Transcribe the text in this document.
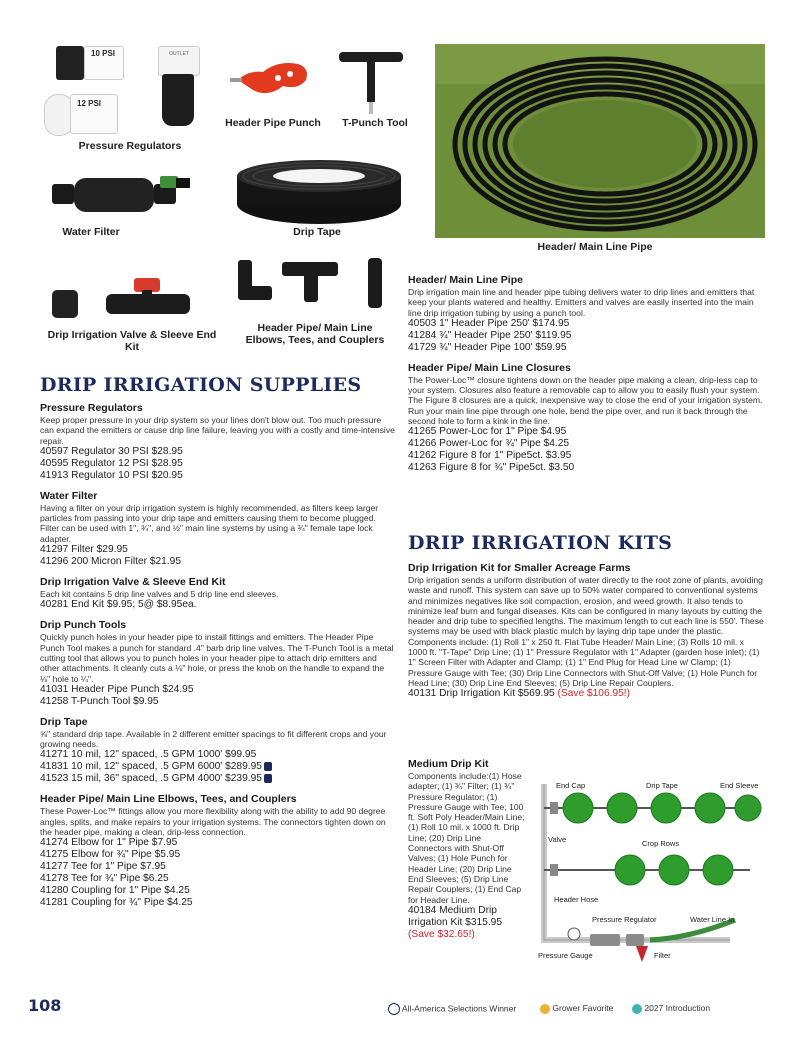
10 PSI	OUTLET
12 PSI
Pressure Regulators
Header Pipe Punch	T-Punch Tool
Header/ Main Line Pipe
Water Filter	Drip Tape
Drip Irrigation Valve & Sleeve End Kit
Header Pipe/ Main Line
Elbows, Tees, and Couplers
DRIP IRRIGATION SUPPLIES
Pressure Regulators

Keep proper pressure in your drip system so your lines don't blow out. Too much pressure can expand the emitters or cause drip line failure, leaving you with a costly and time-intensive repair.

40597 Regulator 30 PSI $28.95

40595 Regulator 12 PSI $28.95

41913 Regulator 10 PSI $20.95

Water Filter

Having a filter on your drip irrigation system is highly recommended, as filters keep larger particles from passing into your drip tape and emitters causing them to become plugged. Filter can be used with 1", ¾", and ½" main line systems by using a ¾" female tape lock adapter.

41297 Filter $29.95

41296 200 Micron Filter $21.95

Drip Irrigation Valve & Sleeve End Kit

Each kit contains 5 drip line valves and 5 drip line end sleeves.

40281 End Kit $9.95; 5@ $8.95ea.

Drip Punch Tools

Quickly punch holes in your header pipe to install fittings and emitters. The Header Pipe Punch Tool makes a punch for standard .4" barb drip line valves. The T-Punch Tool is a metal cutting tool that allows you to punch holes in your header pipe to attach drip emitters and other attachments. It cleanly cuts a ⅛" hole, or press the knob on the handle to expand the ⅛" hole to ¼".

41031 Header Pipe Punch $24.95

41258 T-Punch Tool $9.95

Drip Tape

⅝" standard drip tape. Available in 2 different emitter spacings to fit different crops and your growing needs.

41271 10 mil, 12" spaced, .5 GPM 1000' $99.95

41831 10 mil, 12" spaced, .5 GPM 6000' $289.95

41523 15 mil, 36" spaced, .5 GPM 4000' $239.95

Header Pipe/ Main Line Elbows, Tees, and Couplers

These Power-Loc™ fittings allow you more flexibility along with the ability to add 90 degree angles, splits, and make repairs to your irrigation systems. The connectors tighten down on the header pipe, making a clean, drip-less connection.

41274 Elbow for 1" Pipe $7.95

41275 Elbow for ¾" Pipe $5.95

41277 Tee for 1" Pipe $7.95

41278 Tee for ¾" Pipe $6.25

41280 Coupling for 1" Pipe $4.25

41281 Coupling for ¾" Pipe $4.25

Header/ Main Line Pipe

Drip irrigation main line and header pipe tubing delivers water to drip lines and emitters that keep your plants watered and healthy. Emitters and valves are easily inserted into the main line drip irrigation tubing by using a punch tool.

40503 1" Header Pipe 250' $174.95

41284 ¾" Header Pipe 250' $119.95

41729 ¾" Header Pipe 100' $59.95

Header Pipe/ Main Line Closures

The Power-Loc™ closure tightens down on the header pipe making a clean, drip-less cap to your system. Closures also feature a removable cap to allow you to easily flush your system. The Figure 8 closures are a quick, inexpensive way to close the end of your irrigation system. Run your main line pipe through one hole, bend the pipe over, and run it back through the second hole to form a kink in the line.

41265 Power-Loc for 1" Pipe $4.95

41266 Power-Loc for ¾" Pipe $4.25

41262 Figure 8 for 1" Pipe5ct. $3.95

41263 Figure 8 for ¾" Pipe5ct. $3.50

DRIP IRRIGATION KITS
Drip Irrigation Kit for Smaller Acreage Farms

Drip irrigation sends a uniform distribution of water directly to the root zone of plants, avoiding waste and runoff. This system can save up to 50% water compared to conventional systems and minimizes negatives like soil compaction, erosion, and weed growth. It also tends to minimize leaf burn and fungal diseases. Kits can be configured in many layouts by cutting the header and drip tube to specified lengths. The maximum length to cut each line is 550'. These systems may be used with black plastic mulch by laying drip tape under the plastic. Components include: (1) Roll 1" x 250 ft. Flat Tube Header/ Main Line; (3) Rolls 10 mil. x 1000 ft. "T-Tape" Drip Line; (1) 1" Pressure Regulator with 1" Adapter (garden hose inlet); (1) 1" Screen Filter with Adapter and Clamp; (1) 1" End Plug for Head Line w/ Clamp; (1) Pressure Gauge with Tee; (30) Drip Line Connectors with Shut-Off Valve; (1) Hole Punch for Head Line; (30) Drip Line End Sleeves; (5) Drip Line Repair Couplers.

40131 Drip Irrigation Kit $569.95 (Save $106.95!)

Medium Drip Kit

Components include:(1) Hose adapter; (1) ¾" Filter; (1) ¾" Pressure Regulator; (1) Pressure Gauge with Tee; 100 ft. Soft Poly Header/Main Line; (1) Roll 10 mil. x 1000 ft. Drip Line; (20) Drip Line Connectors with Shut-Off Valves; (1) Hole Punch for Header Line; (20) Drip Line End Sleeves; (5) Drip Line Repair Couplers; (1) End Cap for Header Line.

40184 Medium Drip Irrigation Kit $315.95

(Save $32.65!)

End Cap	Drip Tape	End Sleeve
Valve	Crop Rows
Header Hose
Pressure Regulator	Water Line In
Pressure Gauge	Filter
108	All-America Selections Winner	Grower Favorite	2027 Introduction
